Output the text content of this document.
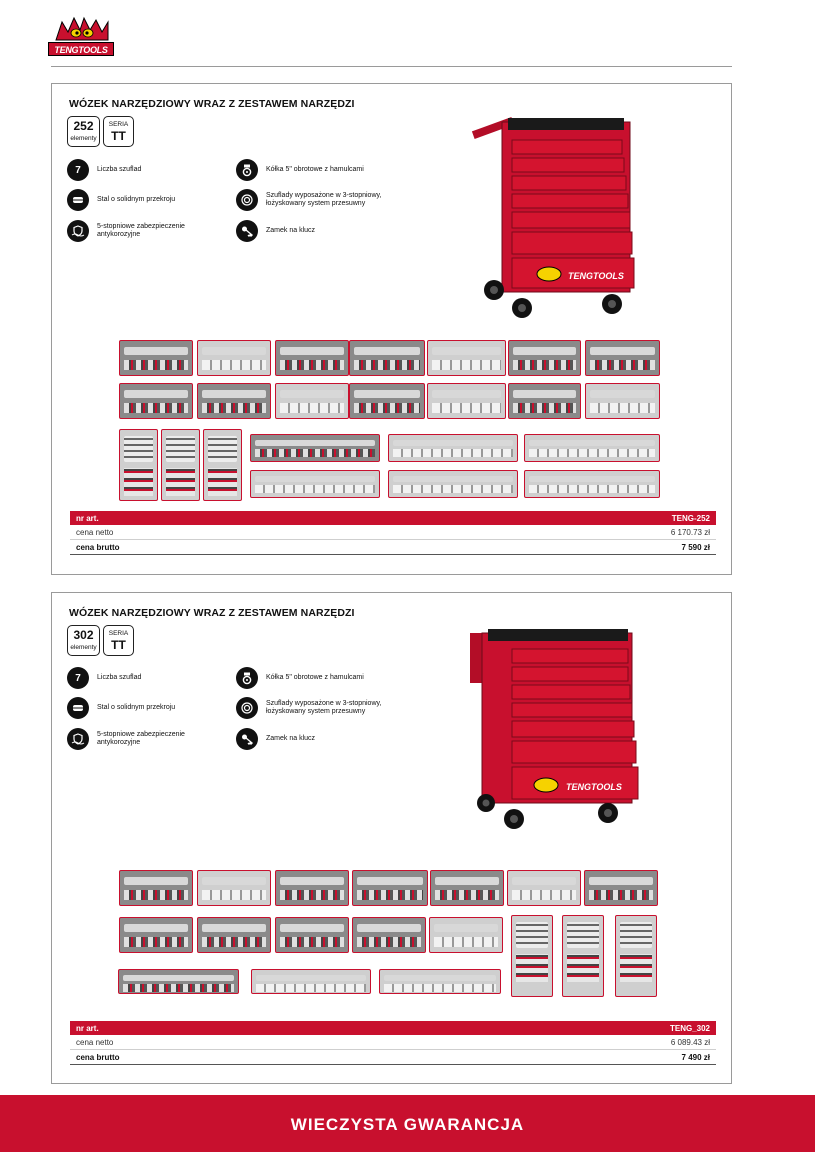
TENGTOOLS
WÓZEK NARZĘDZIOWY WRAZ Z ZESTAWEM NARZĘDZI
252
elementy
SERIA
TT
7	Liczba szuflad
Stal o solidnym przekroju
5-stopniowe zabezpieczenie antykorozyjne
Kółka 5" obrotowe z hamulcami
Szuflady wyposażone w 3-stopniowy, łożyskowany system przesuwny
Zamek na klucz
TENGTOOLS
nr art.	TENG-252
cena netto	6 170.73 zł
cena brutto	7 590 zł
WÓZEK NARZĘDZIOWY WRAZ Z ZESTAWEM NARZĘDZI
302
elementy
SERIA
TT
7	Liczba szuflad
Stal o solidnym przekroju
5-stopniowe zabezpieczenie antykorozyjne
Kółka 5" obrotowe z hamulcami
Szuflady wyposażone w 3-stopniowy, łożyskowany system przesuwny
Zamek na klucz
TENGTOOLS
nr art.	TENG_302
cena netto	6 089.43 zł
cena brutto	7 490 zł
WIECZYSTA GWARANCJA
